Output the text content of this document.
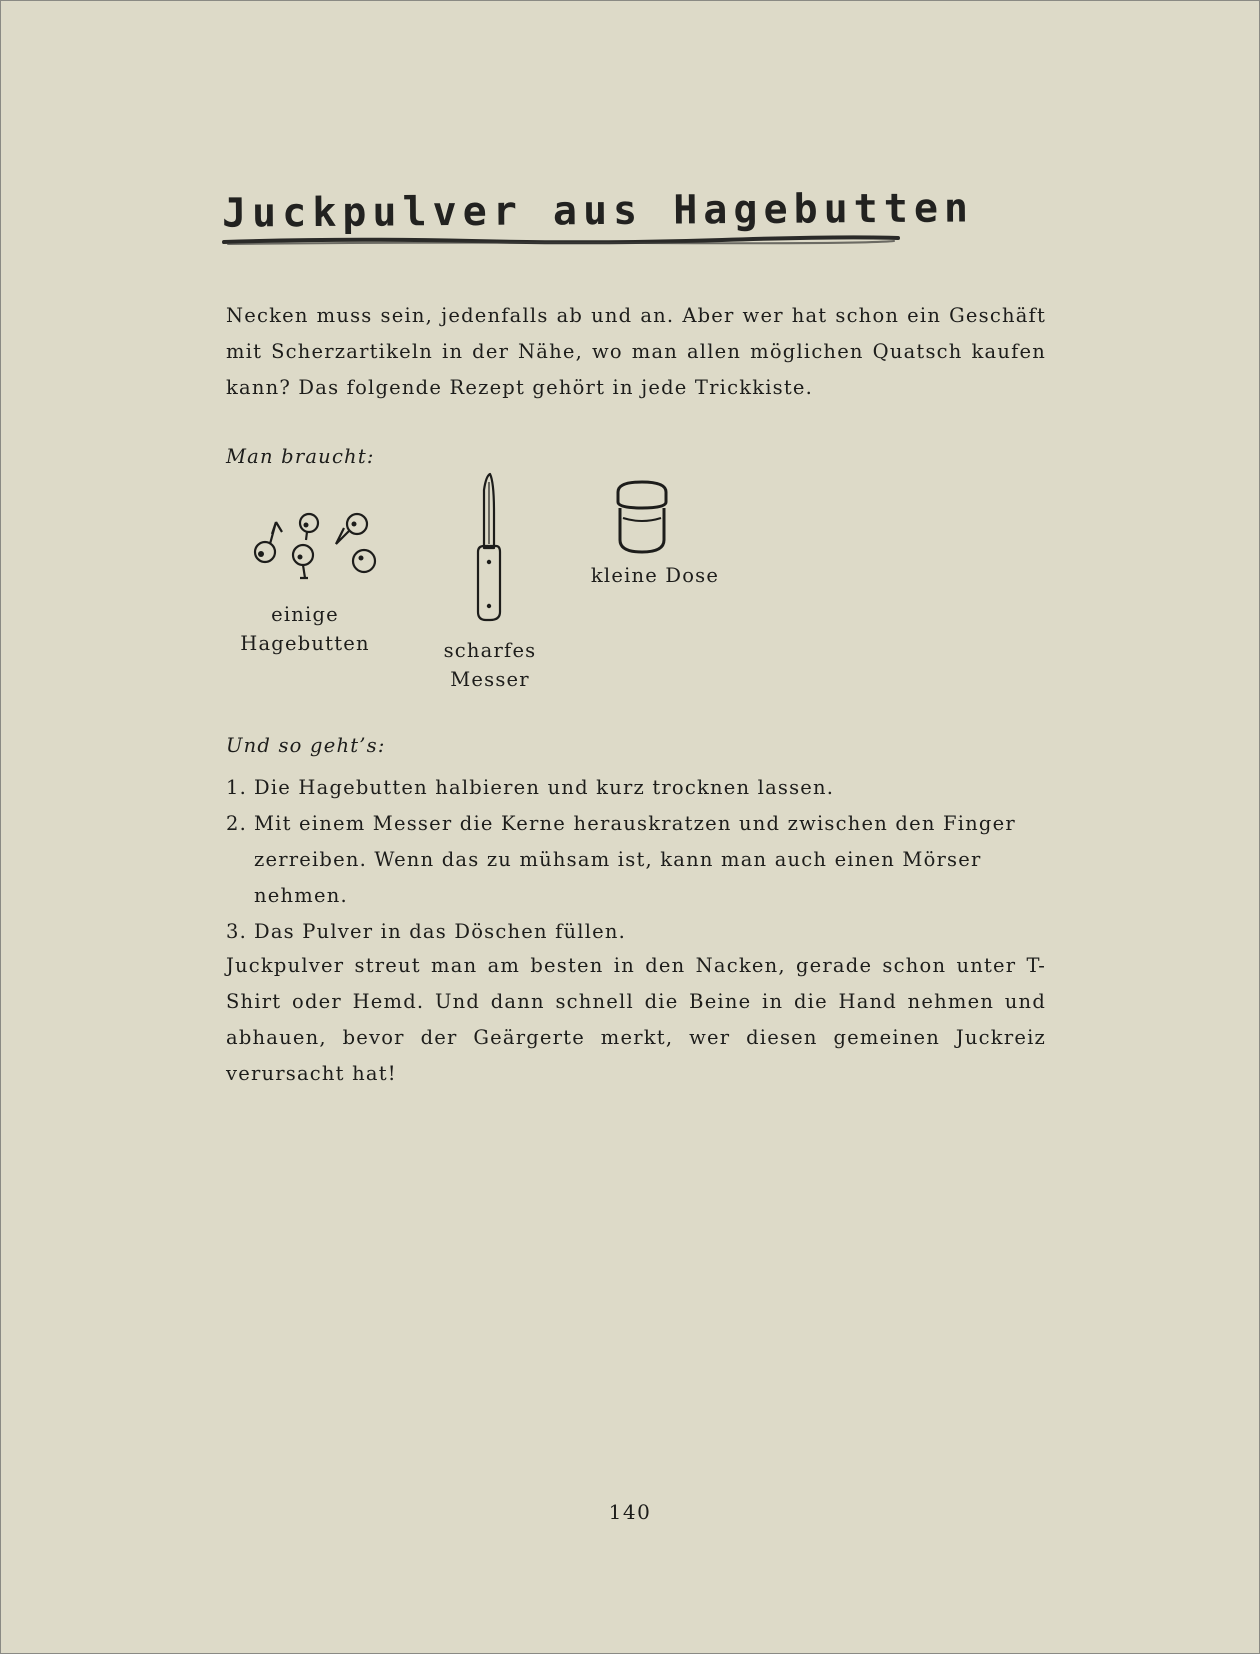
Juckpulver aus Hagebutten

Necken muss sein, jedenfalls ab und an. Aber wer hat schon ein Geschäft mit Scherzartikeln in der Nähe, wo man allen möglichen Quatsch kaufen kann? Das folgende Rezept gehört in jede Trickkiste.

Man braucht:
einige
Hagebutten	scharfes
Messer
kleine Dose
Und so geht’s:
1. Die Hagebutten halbieren und kurz trocknen lassen.
2. Mit einem Messer die Kerne herauskratzen und zwischen den Finger zerreiben. Wenn das zu mühsam ist, kann man auch einen Mörser nehmen.
3. Das Pulver in das Döschen füllen.

Juckpulver streut man am besten in den Nacken, gerade schon unter T-Shirt oder Hemd. Und dann schnell die Beine in die Hand nehmen und abhauen, bevor der Geärgerte merkt, wer diesen gemeinen Juckreiz verursacht hat!

140
